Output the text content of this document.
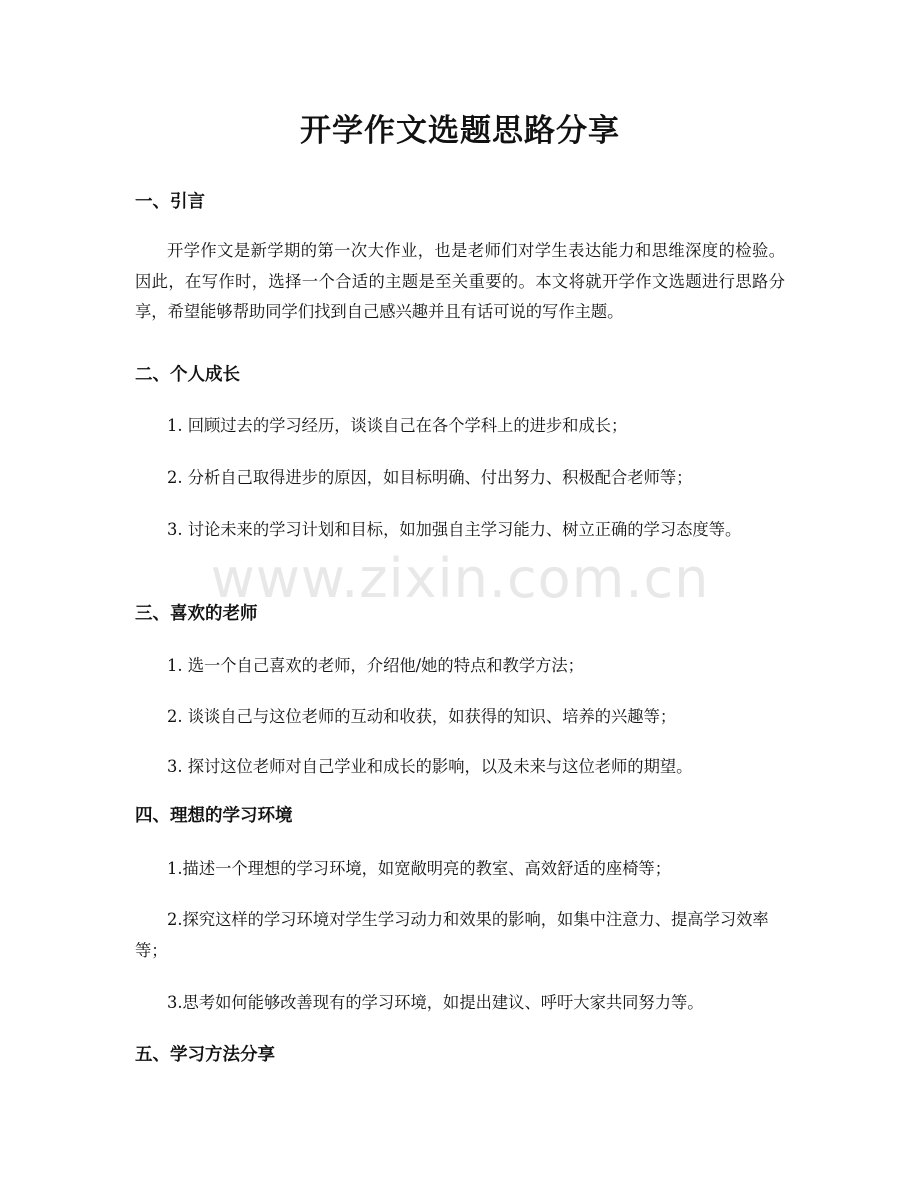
开学作文选题思路分享
一、引言
开学作文是新学期的第一次大作业，也是老师们对学生表达能力和思维深度的检验。因此，在写作时，选择一个合适的主题是至关重要的。本文将就开学作文选题进行思路分享，希望能够帮助同学们找到自己感兴趣并且有话可说的写作主题。
二、个人成长
1. 回顾过去的学习经历，谈谈自己在各个学科上的进步和成长；
2. 分析自己取得进步的原因，如目标明确、付出努力、积极配合老师等；
3. 讨论未来的学习计划和目标，如加强自主学习能力、树立正确的学习态度等。
三、喜欢的老师
1. 选一个自己喜欢的老师，介绍他/她的特点和教学方法；
2. 谈谈自己与这位老师的互动和收获，如获得的知识、培养的兴趣等；
3. 探讨这位老师对自己学业和成长的影响，以及未来与这位老师的期望。
四、理想的学习环境
1.描述一个理想的学习环境，如宽敞明亮的教室、高效舒适的座椅等；
2.探究这样的学习环境对学生学习动力和效果的影响，如集中注意力、提高学习效率等；
3.思考如何能够改善现有的学习环境，如提出建议、呼吁大家共同努力等。
五、学习方法分享
www.zixin.com.cn
